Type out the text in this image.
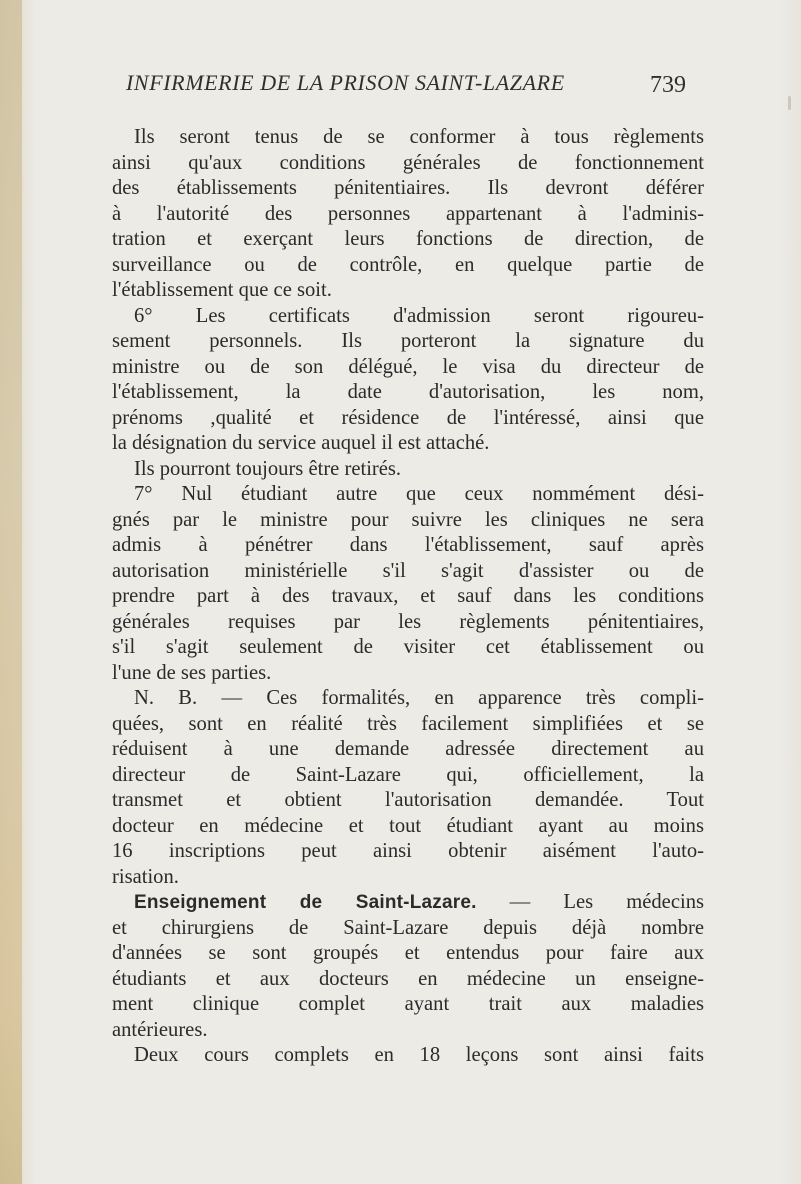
INFIRMERIE DE LA PRISON SAINT-LAZARE	739
Ils seront tenus de se conformer à tous règlements
ainsi qu'aux conditions générales de fonctionnement
des établissements pénitentiaires. Ils devront déférer
à l'autorité des personnes appartenant à l'adminis-
tration et exerçant leurs fonctions de direction, de
surveillance ou de contrôle, en quelque partie de
l'établissement que ce soit.
6° Les certificats d'admission seront rigoureu-
sement personnels. Ils porteront la signature du
ministre ou de son délégué, le visa du directeur de
l'établissement, la date d'autorisation, les nom,
prénoms ,qualité et résidence de l'intéressé, ainsi que
la désignation du service auquel il est attaché.
Ils pourront toujours être retirés.
7° Nul étudiant autre que ceux nommément dési-
gnés par le ministre pour suivre les cliniques ne sera
admis à pénétrer dans l'établissement, sauf après
autorisation ministérielle s'il s'agit d'assister ou de
prendre part à des travaux, et sauf dans les conditions
générales requises par les règlements pénitentiaires,
s'il s'agit seulement de visiter cet établissement ou
l'une de ses parties.
N. B. — Ces formalités, en apparence très compli-
quées, sont en réalité très facilement simplifiées et se
réduisent à une demande adressée directement au
directeur de Saint-Lazare qui, officiellement, la
transmet et obtient l'autorisation demandée. Tout
docteur en médecine et tout étudiant ayant au moins
16 inscriptions peut ainsi obtenir aisément l'auto-
risation.
Enseignement de Saint-Lazare. — Les médecins
et chirurgiens de Saint-Lazare depuis déjà nombre
d'années se sont groupés et entendus pour faire aux
étudiants et aux docteurs en médecine un enseigne-
ment clinique complet ayant trait aux maladies
antérieures.
Deux cours complets en 18 leçons sont ainsi faits
